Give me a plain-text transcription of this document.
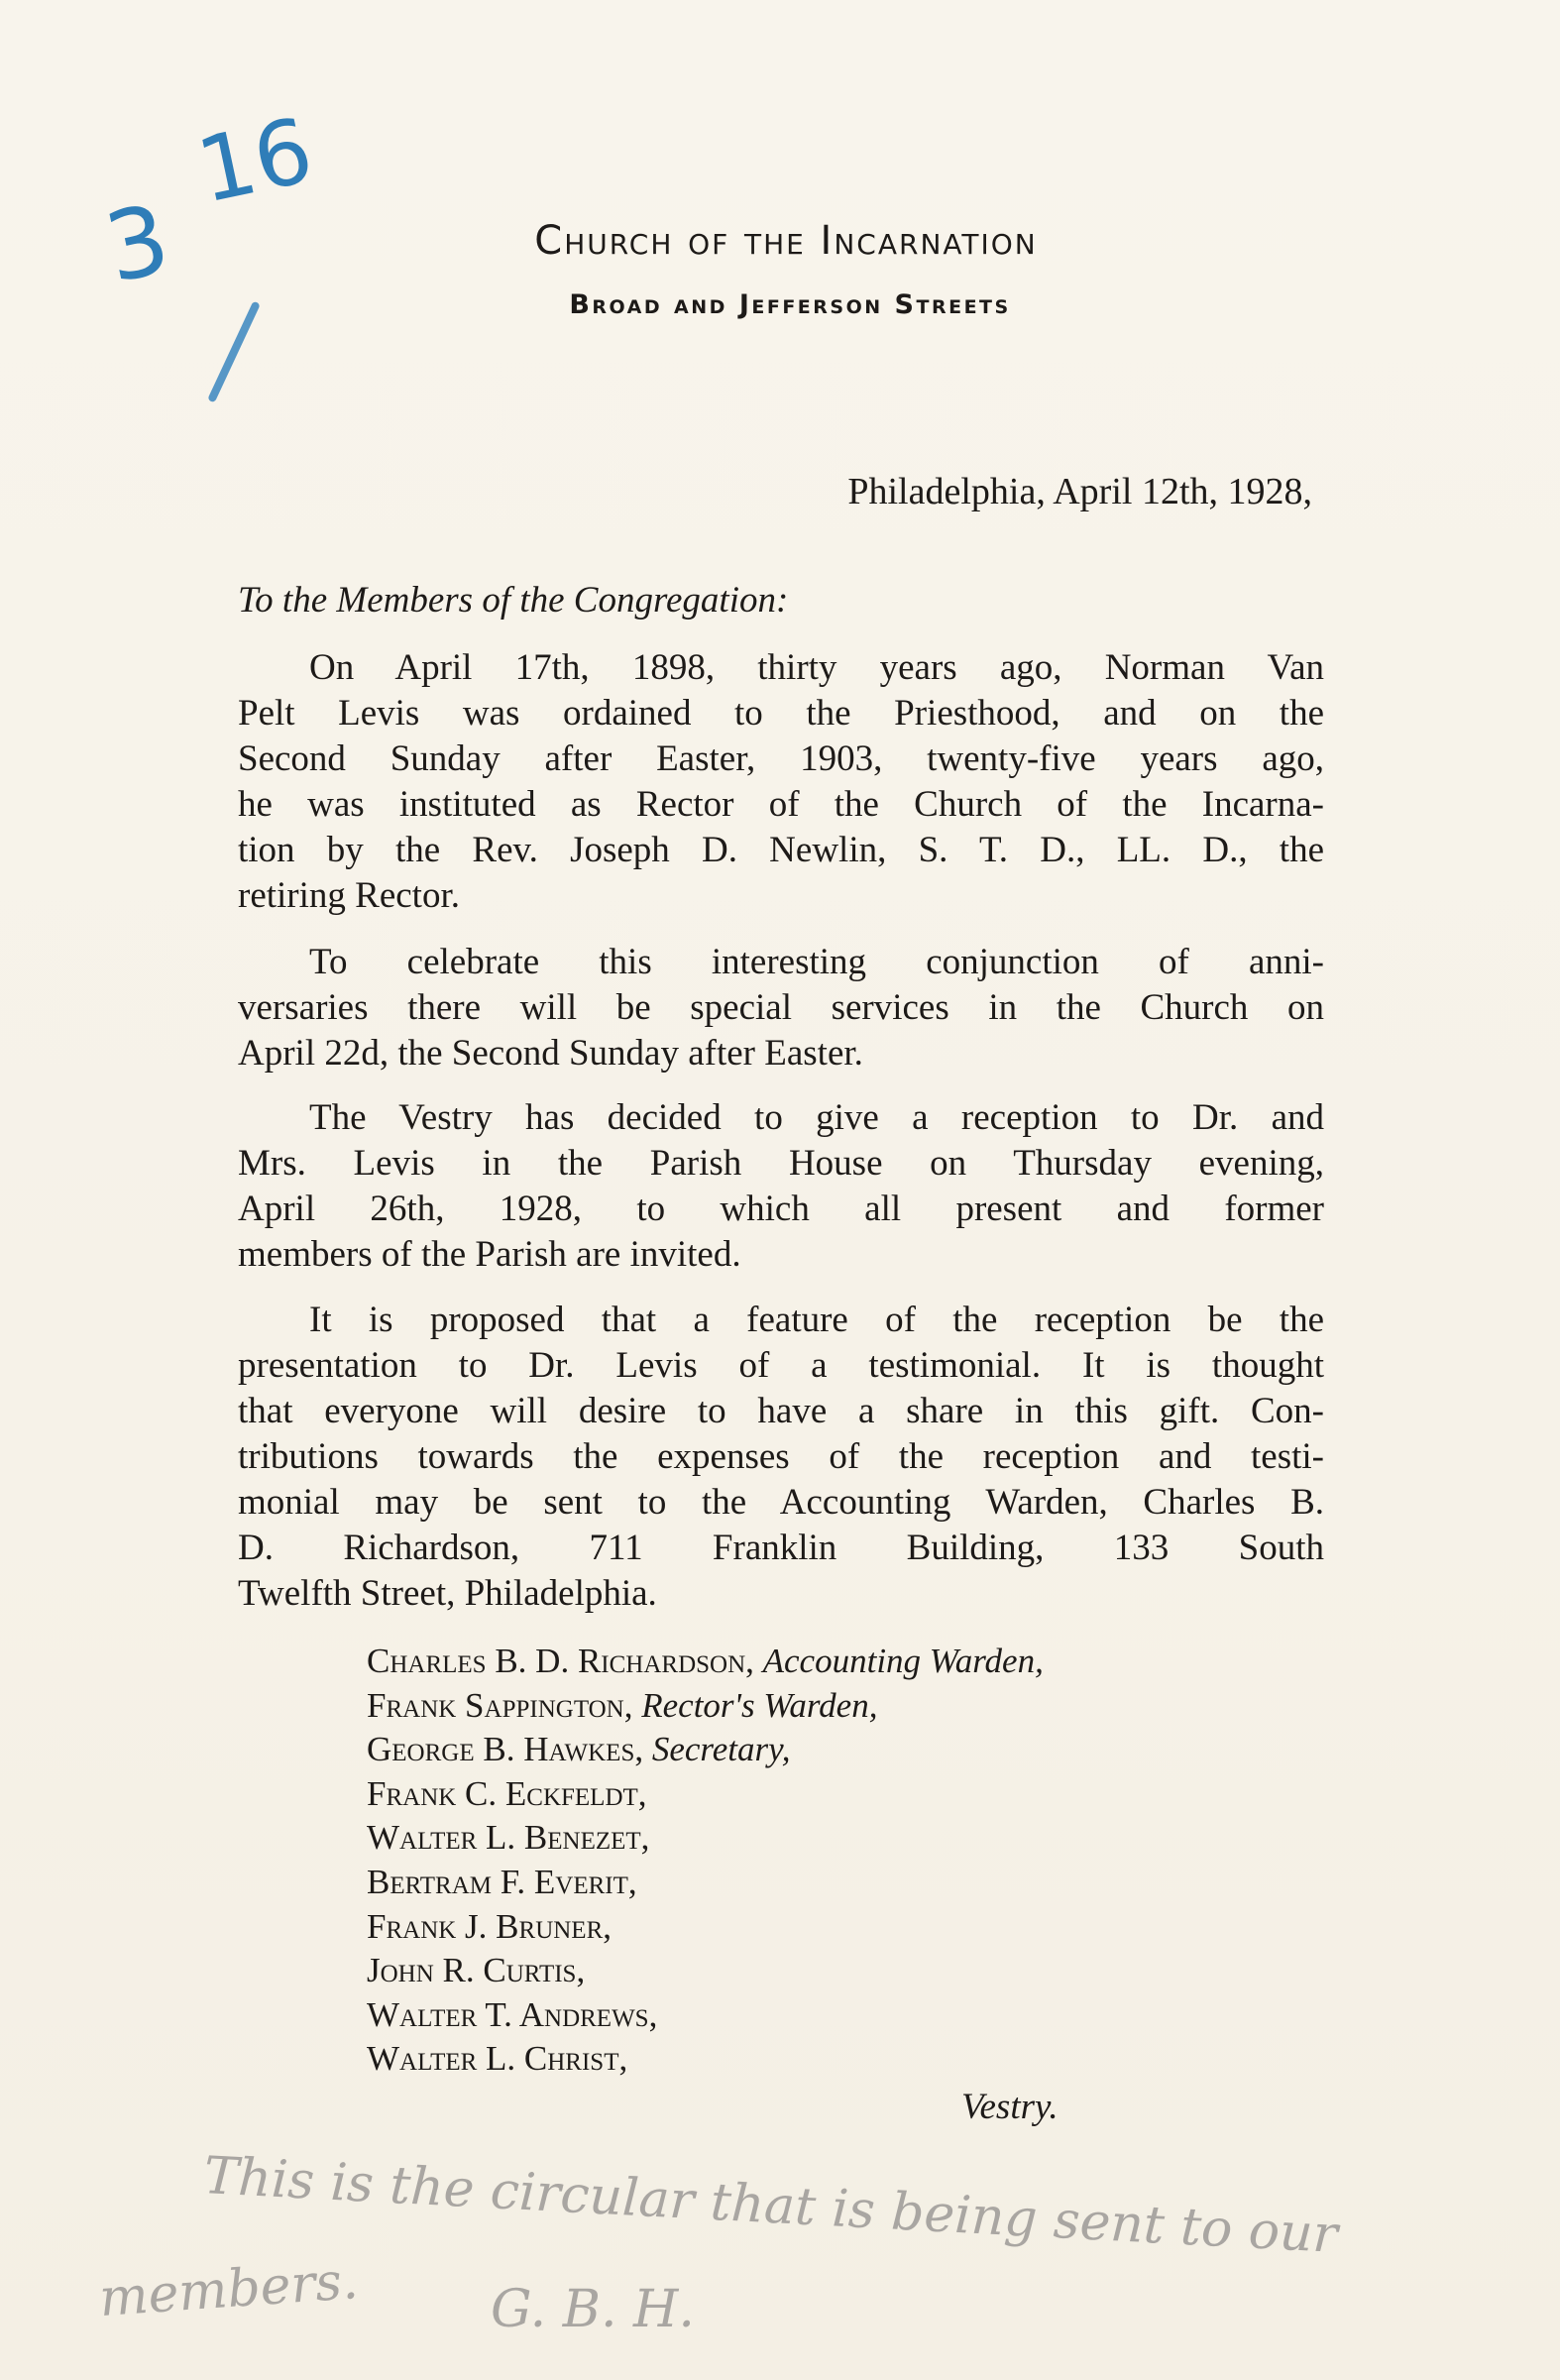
16
3	Church of the Incarnation
Broad and Jefferson Streets
Philadelphia, April 12th, 1928,
To the Members of the Congregation:
On April 17th, 1898, thirty years ago, Norman Van
Pelt Levis was ordained to the Priesthood, and on the
Second Sunday after Easter, 1903, twenty-five years ago,
he was instituted as Rector of the Church of the Incarna-
tion by the Rev. Joseph D. Newlin, S. T. D., LL. D., the
retiring Rector.
To celebrate this interesting conjunction of anni-
versaries there will be special services in the Church on
April 22d, the Second Sunday after Easter.
The Vestry has decided to give a reception to Dr. and
Mrs. Levis in the Parish House on Thursday evening,
April 26th, 1928, to which all present and former
members of the Parish are invited.
It is proposed that a feature of the reception be the
presentation to Dr. Levis of a testimonial. It is thought
that everyone will desire to have a share in this gift. Con-
tributions towards the expenses of the reception and testi-
monial may be sent to the Accounting Warden, Charles B.
D. Richardson, 711 Franklin Building, 133 South
Twelfth Street, Philadelphia.
Charles B. D. Richardson, Accounting Warden,
Frank Sappington, Rector's Warden,
George B. Hawkes, Secretary,
Frank C. Eckfeldt,
Walter L. Benezet,
Bertram F. Everit,
Frank J. Bruner,
John R. Curtis,
Walter T. Andrews,
Walter L. Christ,
Vestry.
This is the circular that is being sent to our
members.	G. B. H.
